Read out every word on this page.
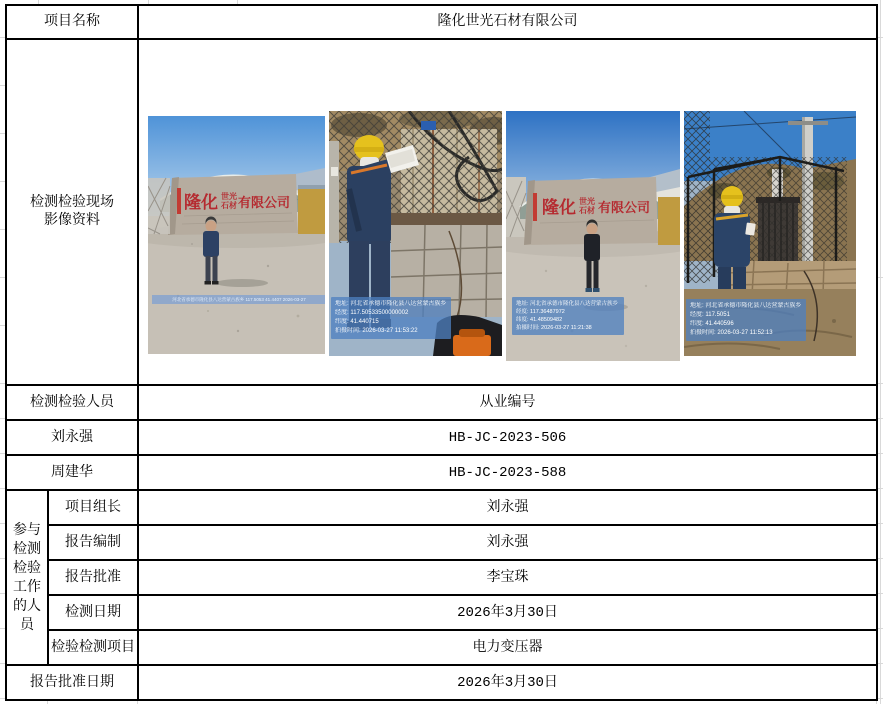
项目名称		隆化世光石材有限公司

检测检验现场影像资料

隆化 世光
石材 有限公司
河北省承德市隆化县八达营蒙古族乡 117.5053 41.4407 2026-03-27
地址: 河北省承德市隆化县八达营蒙古族乡
经度: 117.50533500000002
纬度: 41.440715
拍摄时间: 2026-03-27 11:53:22
隆化 世光
石材 有限公司
地址: 河北省承德市隆化县八达营蒙古族乡
经度: 117.36487972
纬度: 41.48509482
拍摄时间: 2026-03-27 11:21:38
地址: 河北省承德市隆化县八达营蒙古族乡
经度: 117.5051
纬度: 41.440596
拍摄时间: 2026-03-27 11:52:13

检测检验人员		从业编号
刘永强		HB-JC-2023-506
周建华		HB-JC-2023-588

参与检测检验工作的人员	项目组长	刘永强
	报告编制	刘永强
	报告批准	李宝珠
	检测日期	2026年3月30日
	检验检测项目	电力变压器
报告批准日期		2026年3月30日
